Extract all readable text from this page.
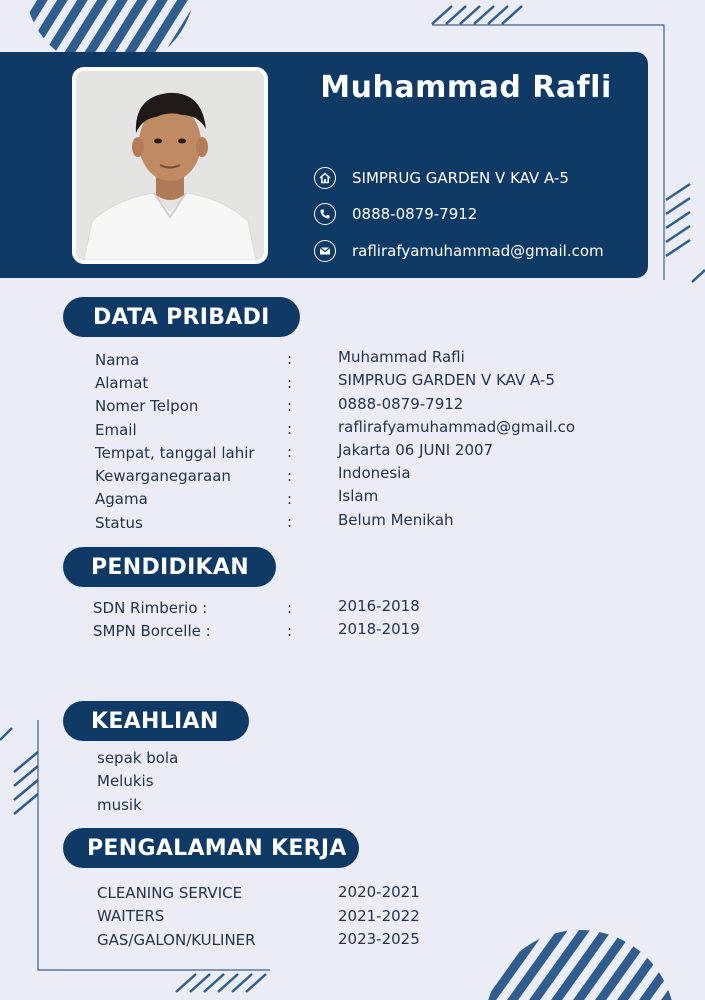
Muhammad Rafli
SIMPRUG GARDEN V KAV A-5
0888-0879-7912
raflirafyamuhammad@gmail.com
DATA PRIBADI
Nama	:	Muhammad Rafli
Alamat	:	SIMPRUG GARDEN V KAV A-5
Nomer Telpon	:	0888-0879-7912
Email	:	raflirafyamuhammad@gmail.co
Tempat, tanggal lahir :	Jakarta 06 JUNI 2007
Kewarganegaraan	:	Indonesia
Agama	:	Islam
Status	:	Belum Menikah
PENDIDIKAN
SDN Rimberio :	:	2016-2018
SMPN Borcelle :	:	2018-2019
KEAHLIAN
sepak bola
Melukis
musik
PENGALAMAN KERJA
CLEANING SERVICE	2020-2021
WAITERS	2021-2022
GAS/GALON/KULINER	2023-2025
